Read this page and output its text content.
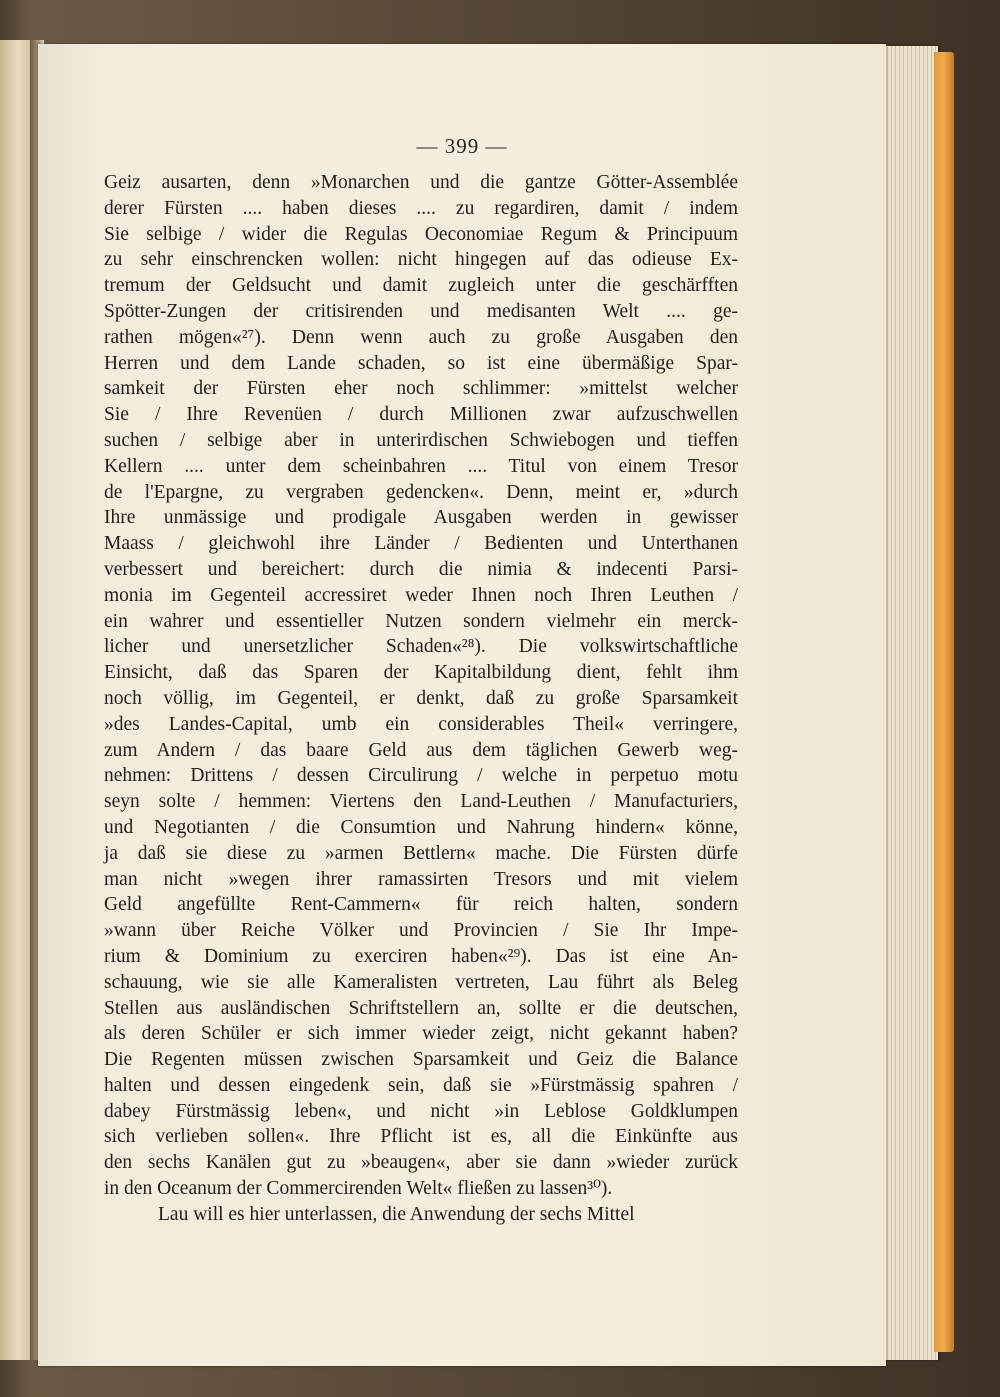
— 399 —
Geiz ausarten, denn »Monarchen und die gantze Götter-Assemblée
derer Fürsten .... haben dieses .... zu regardiren, damit / indem
Sie selbige / wider die Regulas Oeconomiae Regum & Principuum
zu sehr einschrencken wollen: nicht hingegen auf das odieuse Ex-
tremum der Geldsucht und damit zugleich unter die geschärfften
Spötter-Zungen der critisirenden und medisanten Welt .... ge-
rathen mögen«²⁷). Denn wenn auch zu große Ausgaben den
Herren und dem Lande schaden, so ist eine übermäßige Spar-
samkeit der Fürsten eher noch schlimmer: »mittelst welcher
Sie / Ihre Revenüen / durch Millionen zwar aufzuschwellen
suchen / selbige aber in unterirdischen Schwiebogen und tieffen
Kellern .... unter dem scheinbahren .... Titul von einem Tresor
de l'Epargne, zu vergraben gedencken«. Denn, meint er, »durch
Ihre unmässige und prodigale Ausgaben werden in gewisser
Maass / gleichwohl ihre Länder / Bedienten und Unterthanen
verbessert und bereichert: durch die nimia & indecenti Parsi-
monia im Gegenteil accressiret weder Ihnen noch Ihren Leuthen /
ein wahrer und essentieller Nutzen sondern vielmehr ein merck-
licher und unersetzlicher Schaden«²⁸). Die volkswirtschaftliche
Einsicht, daß das Sparen der Kapitalbildung dient, fehlt ihm
noch völlig, im Gegenteil, er denkt, daß zu große Sparsamkeit
»des Landes-Capital, umb ein considerables Theil« verringere,
zum Andern / das baare Geld aus dem täglichen Gewerb weg-
nehmen: Drittens / dessen Circulirung / welche in perpetuo motu
seyn solte / hemmen: Viertens den Land-Leuthen / Manufacturiers,
und Negotianten / die Consumtion und Nahrung hindern« könne,
ja daß sie diese zu »armen Bettlern« mache. Die Fürsten dürfe
man nicht »wegen ihrer ramassirten Tresors und mit vielem
Geld angefüllte Rent-Cammern« für reich halten, sondern
»wann über Reiche Völker und Provincien / Sie Ihr Impe-
rium & Dominium zu exerciren haben«²⁹). Das ist eine An-
schauung, wie sie alle Kameralisten vertreten, Lau führt als Beleg
Stellen aus ausländischen Schriftstellern an, sollte er die deutschen,
als deren Schüler er sich immer wieder zeigt, nicht gekannt haben?
Die Regenten müssen zwischen Sparsamkeit und Geiz die Balance
halten und dessen eingedenk sein, daß sie »Fürstmässig spahren /
dabey Fürstmässig leben«, und nicht »in Leblose Goldklumpen
sich verlieben sollen«. Ihre Pflicht ist es, all die Einkünfte aus
den sechs Kanälen gut zu »beaugen«, aber sie dann »wieder zurück
in den Oceanum der Commercirenden Welt« fließen zu lassen³⁰).
Lau will es hier unterlassen, die Anwendung der sechs Mittel
